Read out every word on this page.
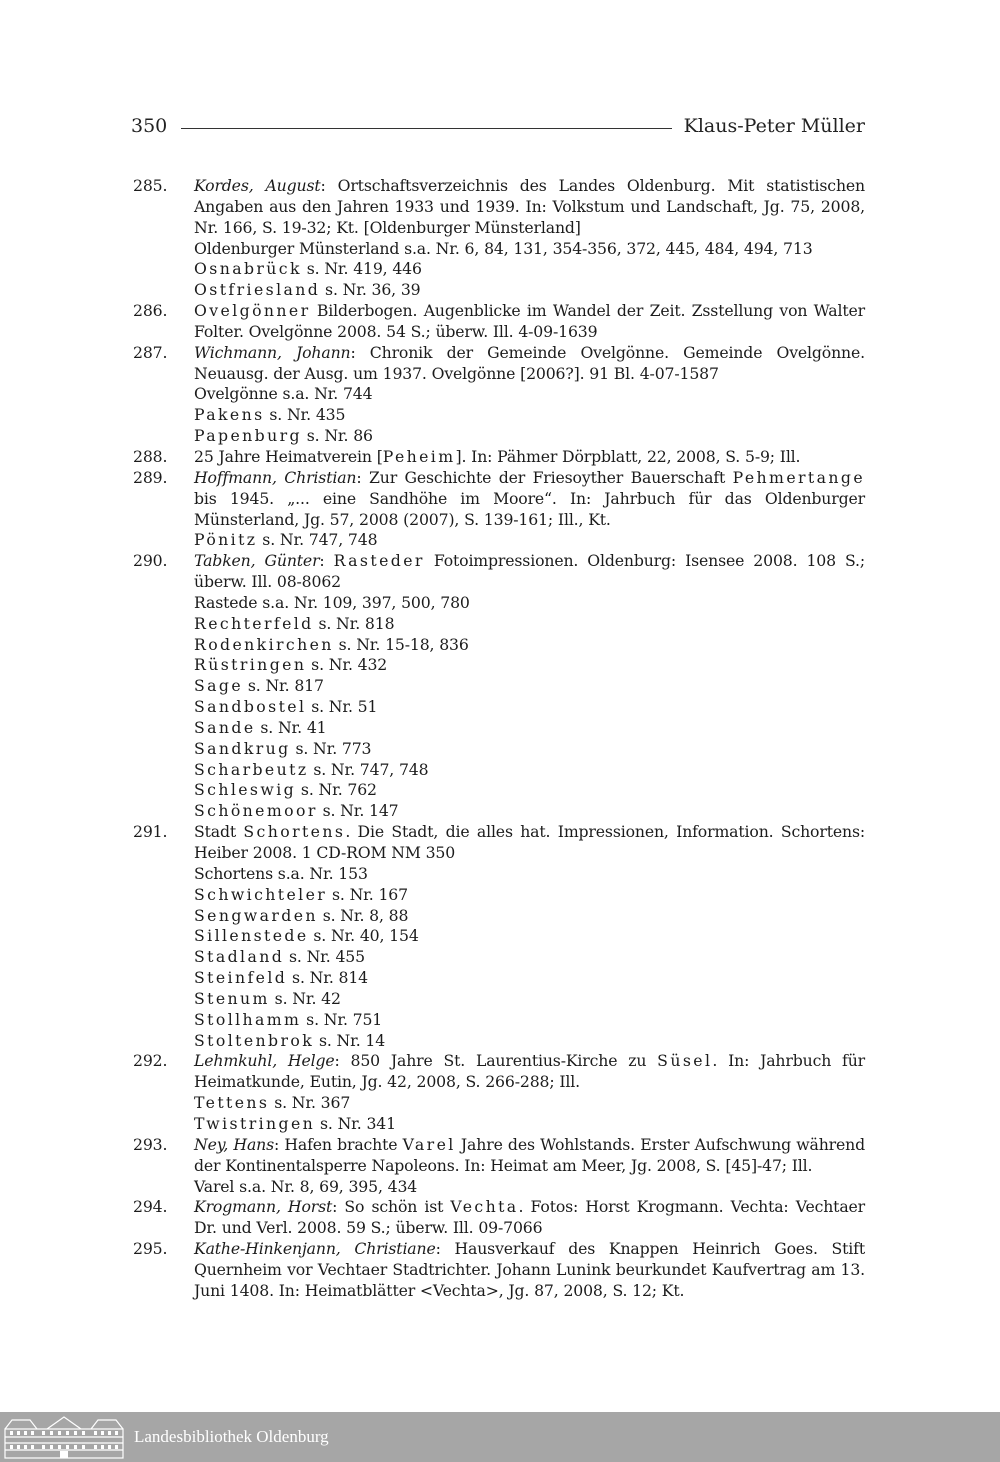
350	Klaus-Peter Müller
285.	Kordes, August: Ortschaftsverzeichnis des Landes Oldenburg. Mit statistischen Angaben aus den Jahren 1933 und 1939. In: Volkstum und Landschaft, Jg. 75, 2008, Nr. 166, S. 19-32; Kt. [Oldenburger Münsterland]
Oldenburger Münsterland s.a. Nr. 6, 84, 131, 354-356, 372, 445, 484, 494, 713
Osnabrück s. Nr. 419, 446
Ostfriesland s. Nr. 36, 39
286.	Ovelgönner Bilderbogen. Augenblicke im Wandel der Zeit. Zsstellung von Walter Folter. Ovelgönne 2008. 54 S.; überw. Ill. 4-09-1639
287.	Wichmann, Johann: Chronik der Gemeinde Ovelgönne. Gemeinde Ovelgönne. Neuausg. der Ausg. um 1937. Ovelgönne [2006?]. 91 Bl. 4-07-1587
Ovelgönne s.a. Nr. 744
Pakens s. Nr. 435
Papenburg s. Nr. 86
288.	25 Jahre Heimatverein [Peheim]. In: Pähmer Dörpblatt, 22, 2008, S. 5-9; Ill.
289.	Hoffmann, Christian: Zur Geschichte der Friesoyther Bauerschaft Pehmertange bis 1945. „... eine Sandhöhe im Moore“. In: Jahrbuch für das Oldenburger Münsterland, Jg. 57, 2008 (2007), S. 139-161; Ill., Kt.
Pönitz s. Nr. 747, 748
290.	Tabken, Günter: Rasteder Fotoimpressionen. Oldenburg: Isensee 2008. 108 S.; überw. Ill. 08-8062
Rastede s.a. Nr. 109, 397, 500, 780
Rechterfeld s. Nr. 818
Rodenkirchen s. Nr. 15-18, 836
Rüstringen s. Nr. 432
Sage s. Nr. 817
Sandbostel s. Nr. 51
Sande s. Nr. 41
Sandkrug s. Nr. 773
Scharbeutz s. Nr. 747, 748
Schleswig s. Nr. 762
Schönemoor s. Nr. 147
291.	Stadt Schortens. Die Stadt, die alles hat. Impressionen, Information. Schortens: Heiber 2008. 1 CD-ROM NM 350
Schortens s.a. Nr. 153
Schwichteler s. Nr. 167
Sengwarden s. Nr. 8, 88
Sillenstede s. Nr. 40, 154
Stadland s. Nr. 455
Steinfeld s. Nr. 814
Stenum s. Nr. 42
Stollhamm s. Nr. 751
Stoltenbrok s. Nr. 14
292.	Lehmkuhl, Helge: 850 Jahre St. Laurentius-Kirche zu Süsel. In: Jahrbuch für Heimatkunde, Eutin, Jg. 42, 2008, S. 266-288; Ill.
Tettens s. Nr. 367
Twistringen s. Nr. 341
293.	Ney, Hans: Hafen brachte Varel Jahre des Wohlstands. Erster Aufschwung während der Kontinentalsperre Napoleons. In: Heimat am Meer, Jg. 2008, S. [45]-47; Ill.
Varel s.a. Nr. 8, 69, 395, 434
294.	Krogmann, Horst: So schön ist Vechta. Fotos: Horst Krogmann. Vechta: Vechtaer Dr. und Verl. 2008. 59 S.; überw. Ill. 09-7066
295.	Kathe-Hinkenjann, Christiane: Hausverkauf des Knappen Heinrich Goes. Stift Quernheim vor Vechtaer Stadtrichter. Johann Lunink beurkundet Kaufvertrag am 13. Juni 1408. In: Heimatblätter <Vechta>, Jg. 87, 2008, S. 12; Kt.
Landesbibliothek Oldenburg
